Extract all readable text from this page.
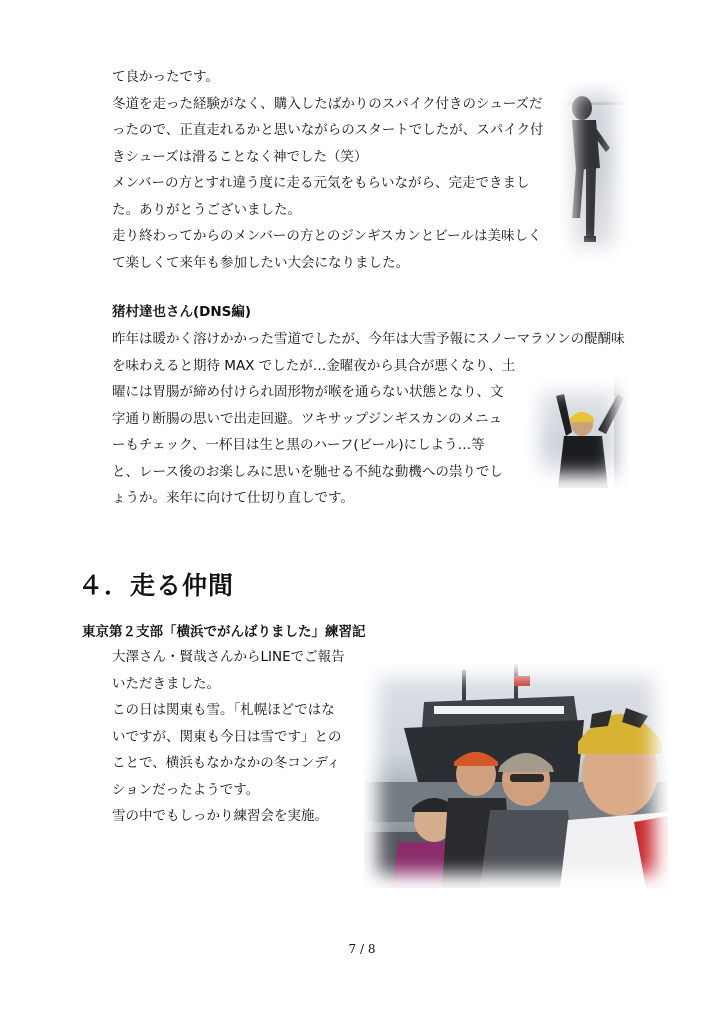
て良かったです。
冬道を走った経験がなく、購入したばかりのスパイク付きのシューズだ
ったので、正直走れるかと思いながらのスタートでしたが、スパイク付
きシューズは滑ることなく神でした（笑）
メンバーの方とすれ違う度に走る元気をもらいながら、完走できまし
た。ありがとうございました。
走り終わってからのメンバーの方とのジンギスカンとビールは美味しく
て楽しくて来年も参加したい大会になりました。
猪村達也さん(DNS編)
昨年は暖かく溶けかかった雪道でしたが、今年は大雪予報にスノーマラソンの醍醐味
を味わえると期待 MAX でしたが…金曜夜から具合が悪くなり、土
曜には胃腸が締め付けられ固形物が喉を通らない状態となり、文
字通り断腸の思いで出走回避。ツキサップジンギスカンのメニュ
ーもチェック、一杯目は生と黒のハーフ(ビール)にしよう…等
と、レース後のお楽しみに思いを馳せる不純な動機への祟りでし
ょうか。来年に向けて仕切り直しです。
４．走る仲間
東京第２支部「横浜でがんばりました」練習記
大澤さん・賢哉さんからLINEでご報告
いただきました。
この日は関東も雪。「札幌ほどではな
いですが、関東も今日は雪です」との
ことで、横浜もなかなかの冬コンディ
ションだったようです。
雪の中でもしっかり練習会を実施。
7 / 8
